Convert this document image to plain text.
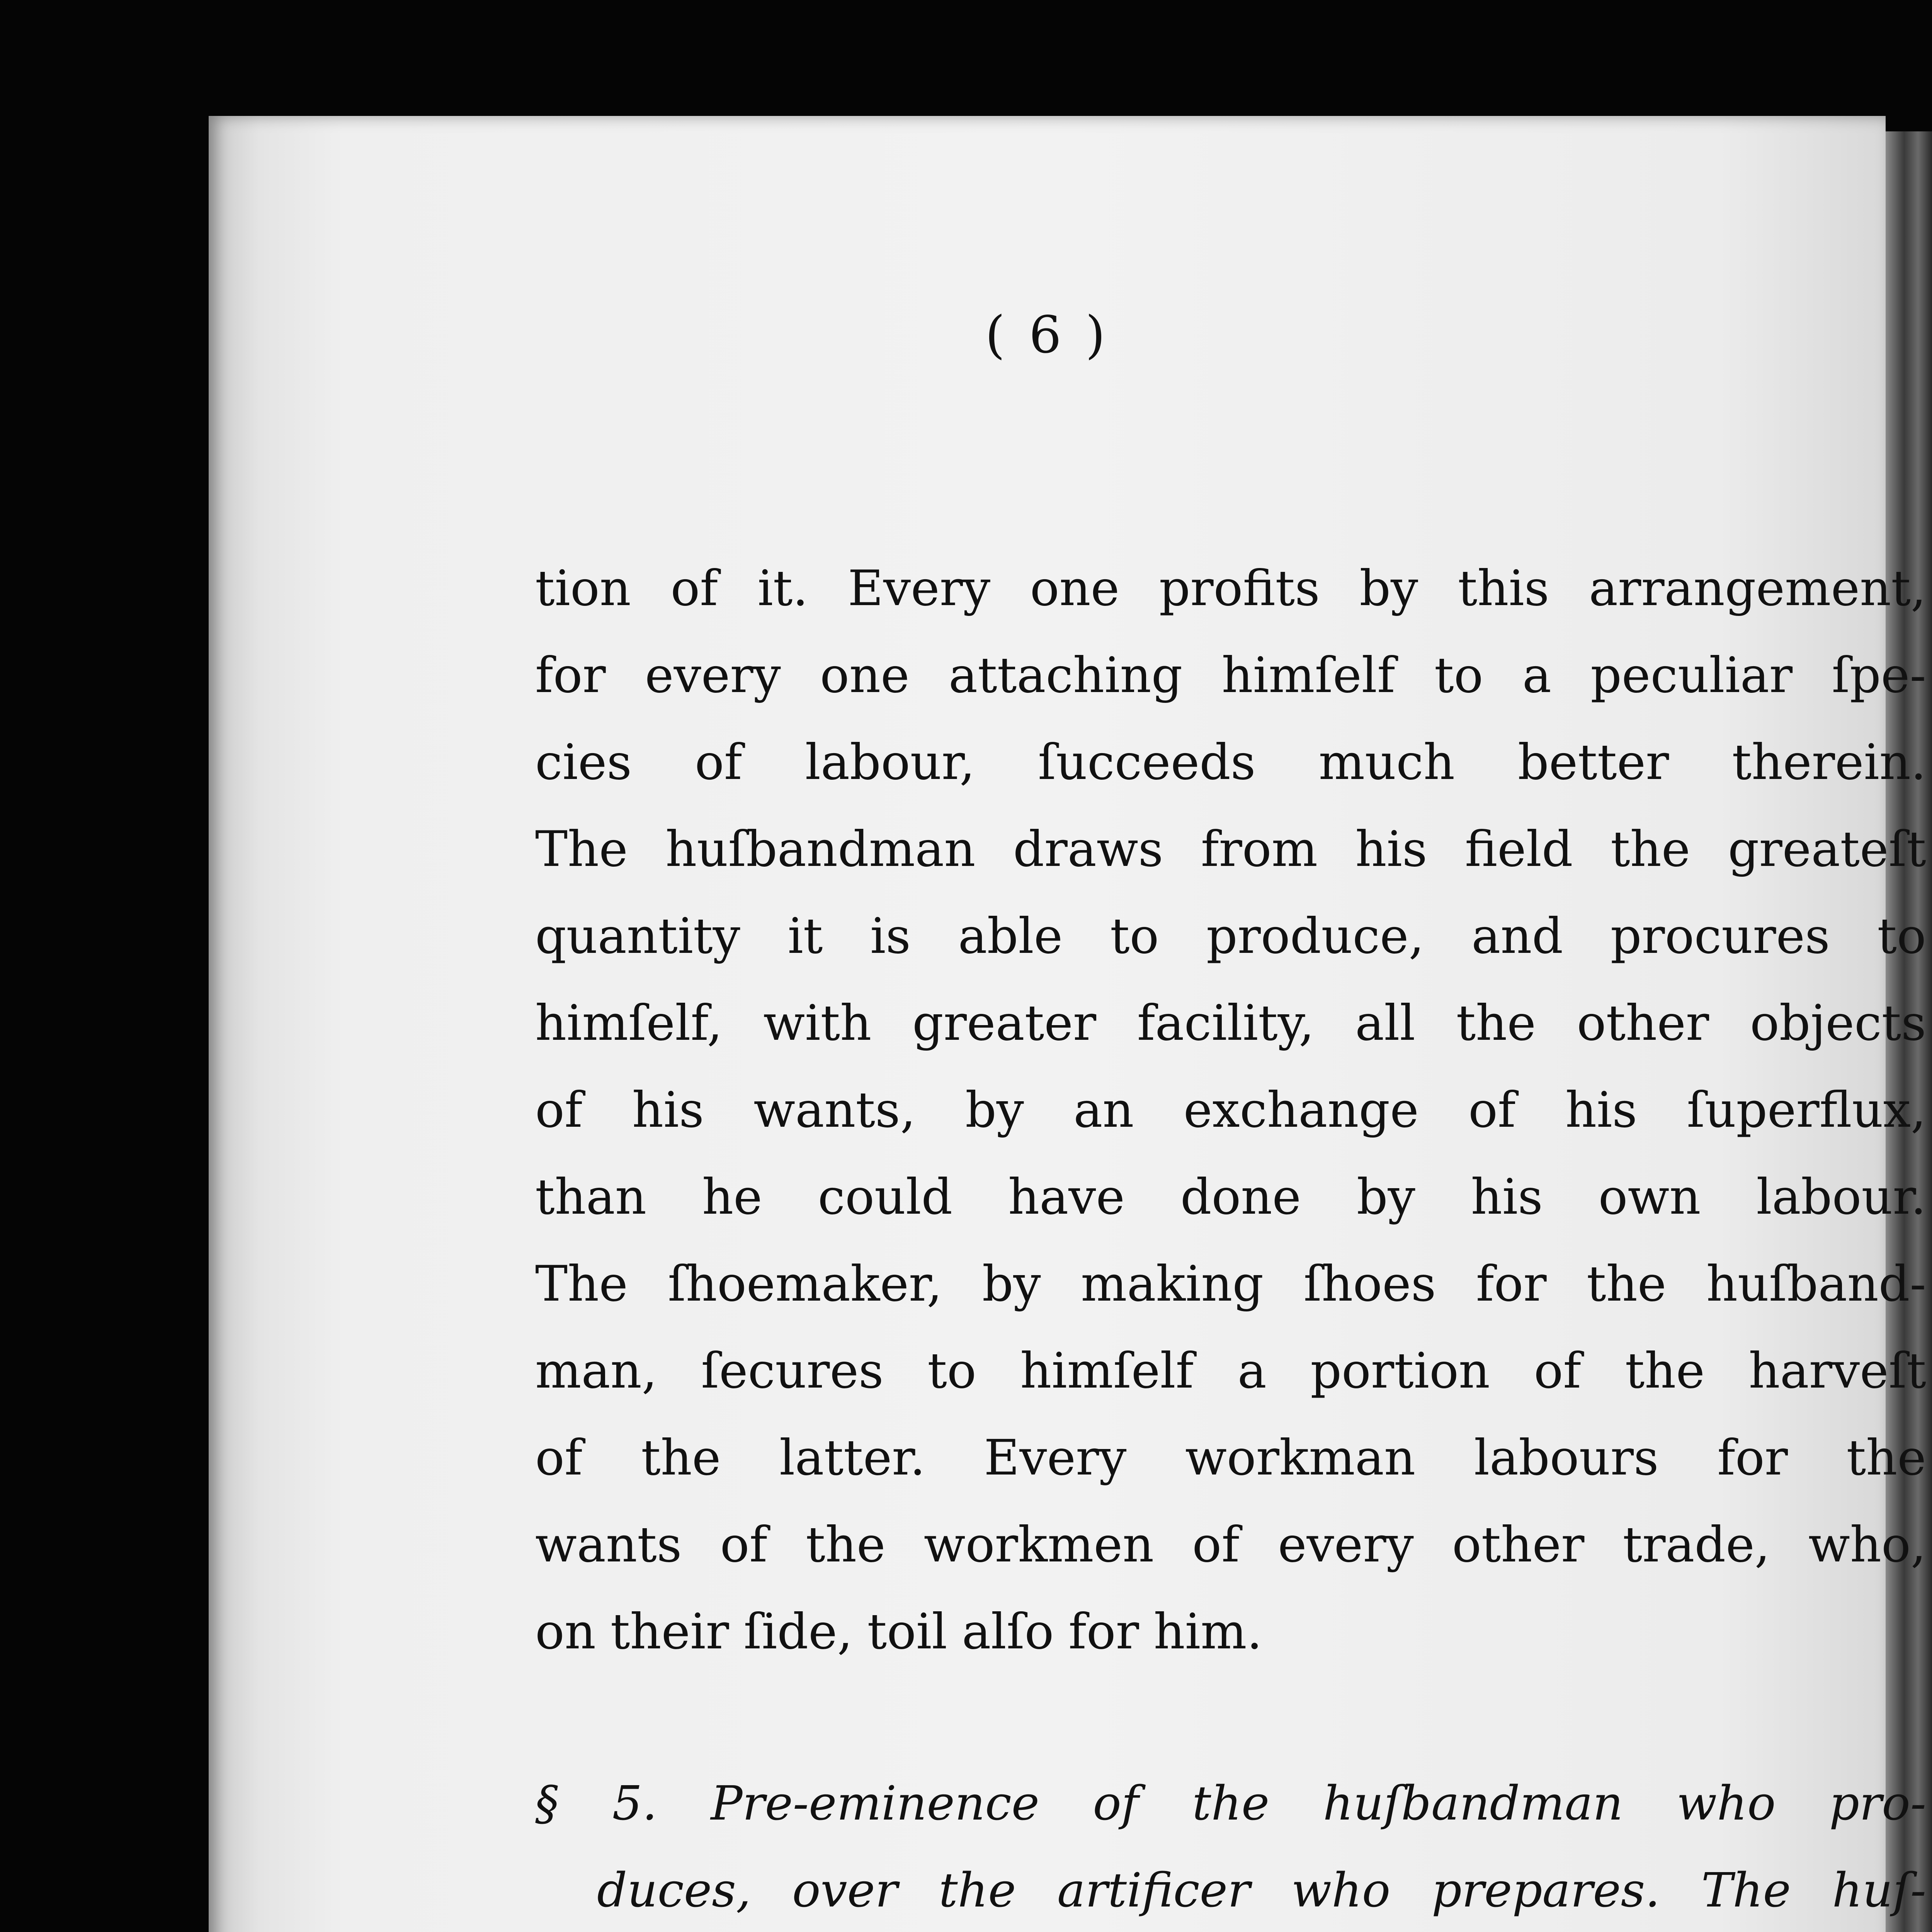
( 6 )
tion of it. Every one profits by this arrangement,
for every one attaching himſelf to a peculiar ſpe-
cies of labour, ſucceeds much better therein.
The huſbandman draws from his field the greateſt
quantity it is able to produce, and procures to
himſelf, with greater facility, all the other objects
of his wants, by an exchange of his ſuperflux,
than he could have done by his own labour.
The ſhoemaker, by making ſhoes for the huſband-
man, ſecures to himſelf a portion of the harveſt
of the latter. Every workman labours for the
wants of the workmen of every other trade, who,
on their ſide, toil alſo for him.
§ 5. Pre-eminence of the huſbandman who pro-
duces, over the artificer who prepares. The huſ-
